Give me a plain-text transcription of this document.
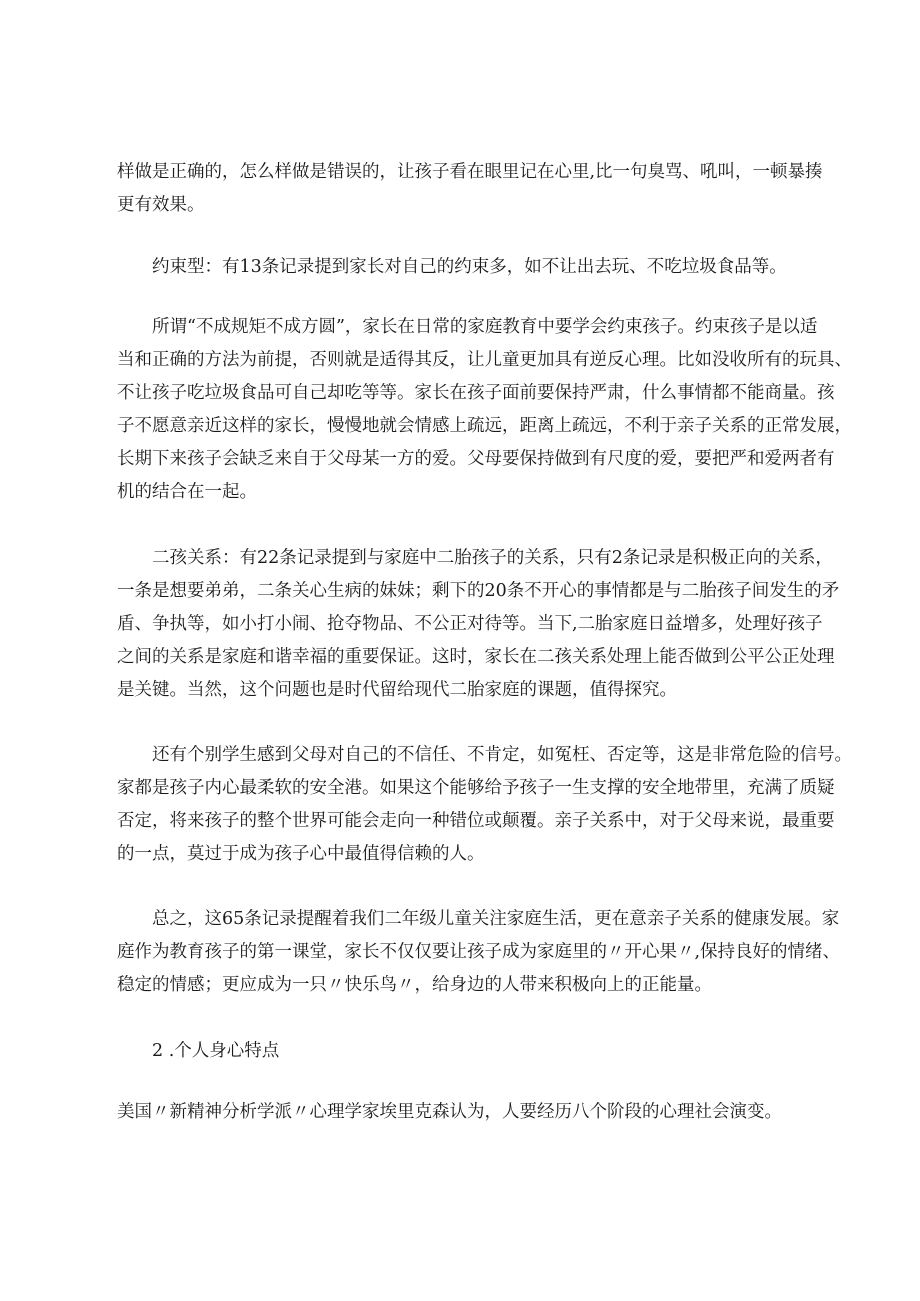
样做是正确的，怎么样做是错误的，让孩子看在眼里记在心里,比一句臭骂、吼叫，一顿暴揍
更有效果。
约束型：有13条记录提到家长对自己的约束多，如不让出去玩、不吃垃圾食品等。
所谓“不成规矩不成方圆”，家长在日常的家庭教育中要学会约束孩子。约束孩子是以适
当和正确的方法为前提，否则就是适得其反，让儿童更加具有逆反心理。比如没收所有的玩具、
不让孩子吃垃圾食品可自己却吃等等。家长在孩子面前要保持严肃，什么事情都不能商量。孩
子不愿意亲近这样的家长，慢慢地就会情感上疏远，距离上疏远，不利于亲子关系的正常发展，
长期下来孩子会缺乏来自于父母某一方的爱。父母要保持做到有尺度的爱，要把严和爱两者有
机的结合在一起。
二孩关系：有22条记录提到与家庭中二胎孩子的关系，只有2条记录是积极正向的关系，
一条是想要弟弟，二条关心生病的妹妹；剩下的20条不开心的事情都是与二胎孩子间发生的矛
盾、争执等，如小打小闹、抢夺物品、不公正对待等。当下,二胎家庭日益增多，处理好孩子
之间的关系是家庭和谐幸福的重要保证。这时，家长在二孩关系处理上能否做到公平公正处理
是关键。当然，这个问题也是时代留给现代二胎家庭的课题，值得探究。
还有个别学生感到父母对自己的不信任、不肯定，如冤枉、否定等，这是非常危险的信号。
家都是孩子内心最柔软的安全港。如果这个能够给予孩子一生支撑的安全地带里，充满了质疑
否定，将来孩子的整个世界可能会走向一种错位或颠覆。亲子关系中，对于父母来说，最重要
的一点，莫过于成为孩子心中最值得信赖的人。
总之，这65条记录提醒着我们二年级儿童关注家庭生活，更在意亲子关系的健康发展。家
庭作为教育孩子的第一课堂，家长不仅仅要让孩子成为家庭里的〃开心果〃,保持良好的情绪、
稳定的情感；更应成为一只〃快乐鸟〃，给身边的人带来积极向上的正能量。
2 .个人身心特点
美国〃新精神分析学派〃心理学家埃里克森认为，人要经历八个阶段的心理社会演变。
